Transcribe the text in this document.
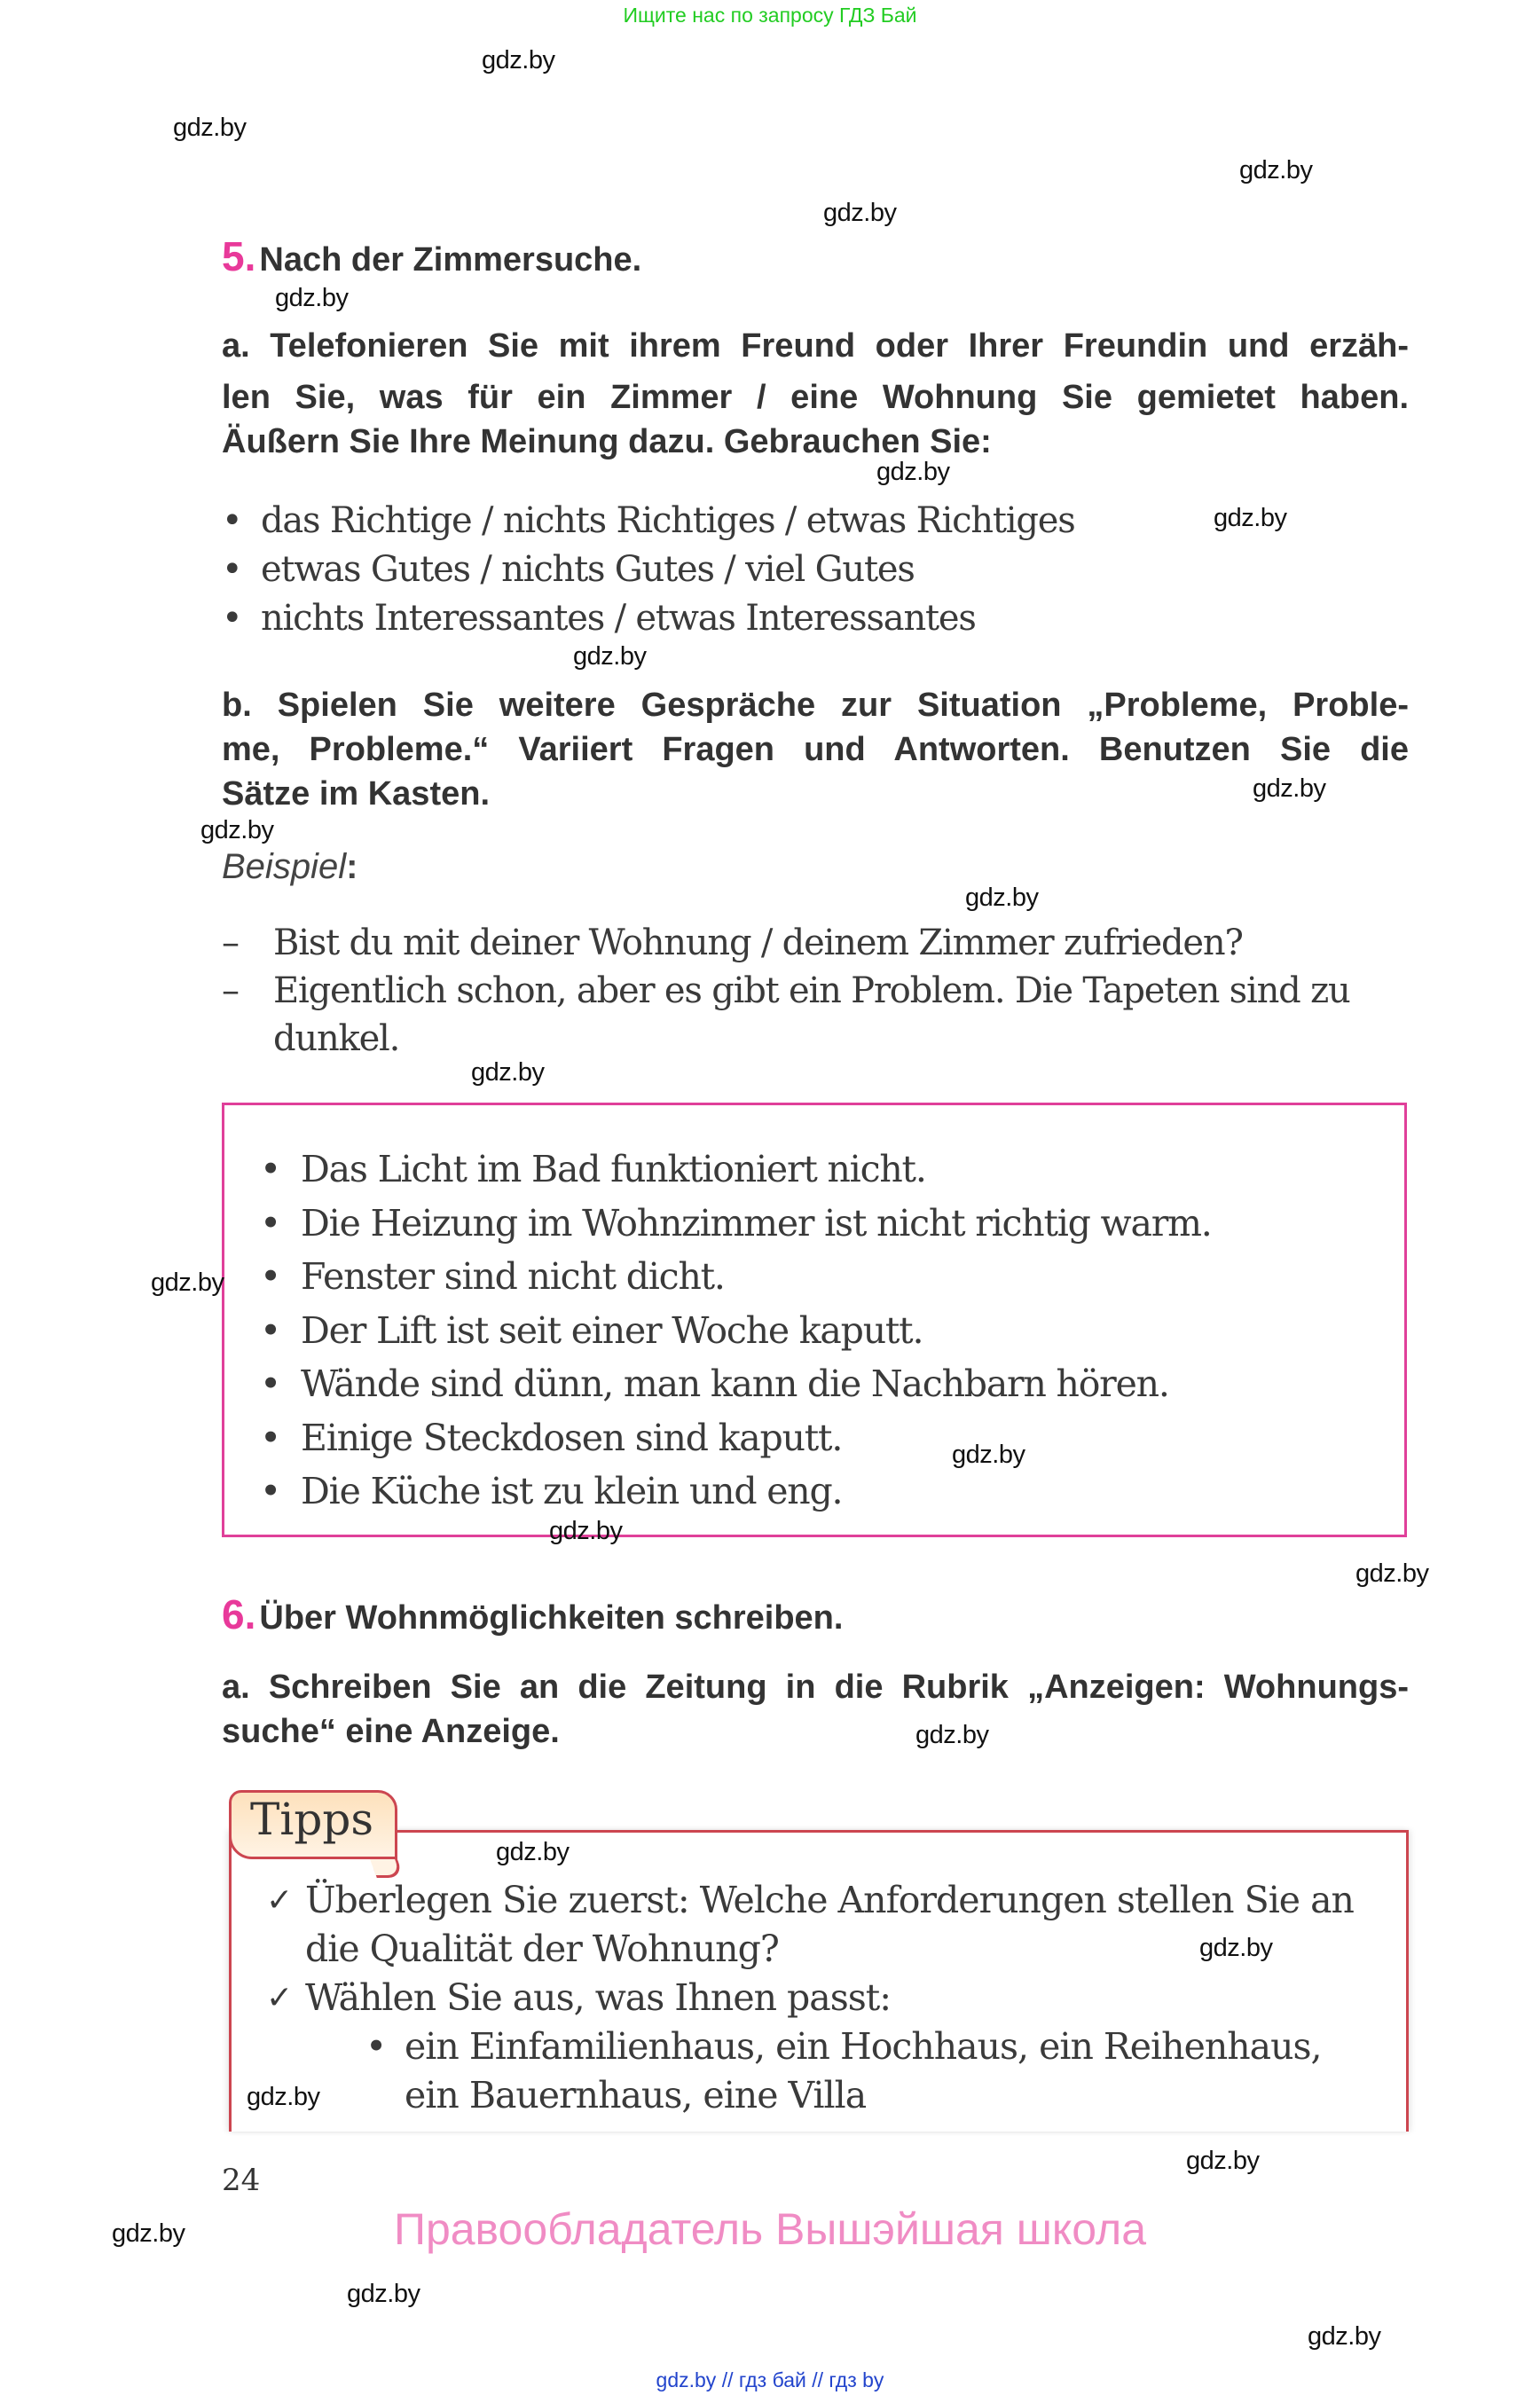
Ищите нас по запросу ГДЗ Бай
5. Nach der Zimmersuche.
a. Telefonieren Sie mit ihrem Freund oder Ihrer Freundin und erzäh-
len Sie, was für ein Zimmer / eine Wohnung Sie gemietet haben.
Äußern Sie Ihre Meinung dazu. Gebrauchen Sie:
• das Richtige / nichts Richtiges / etwas Richtiges
• etwas Gutes / nichts Gutes / viel Gutes
• nichts Interessantes / etwas Interessantes
b. Spielen Sie weitere Gespräche zur Situation „Probleme, Proble-
me, Probleme.“ Variiert Fragen und Antworten. Benutzen Sie die
Sätze im Kasten.
Beispiel:
– Bist du mit deiner Wohnung / deinem Zimmer zufrieden?
– Eigentlich schon, aber es gibt ein Problem. Die Tapeten sind zu dunkel.
• Das Licht im Bad funktioniert nicht.
• Die Heizung im Wohnzimmer ist nicht richtig warm.
• Fenster sind nicht dicht.
• Der Lift ist seit einer Woche kaputt.
• Wände sind dünn, man kann die Nachbarn hören.
• Einige Steckdosen sind kaputt.
• Die Küche ist zu klein und eng.
6. Über Wohnmöglichkeiten schreiben.
a. Schreiben Sie an die Zeitung in die Rubrik „Anzeigen: Wohnungs-
suche“ eine Anzeige.
Tipps
✓ Überlegen Sie zuerst: Welche Anforderungen stellen Sie an die Qualität der Wohnung?
✓ Wählen Sie aus, was Ihnen passt:
• ein Einfamilienhaus, ein Hochhaus, ein Reihenhaus, ein Bauernhaus, eine Villa
24
Правообладатель Вышэйшая школа
gdz.by // гдз бай // гдз by
gdz.by
gdz.by
gdz.by
gdz.by
gdz.by
gdz.by
gdz.by
gdz.by
gdz.by
gdz.by
gdz.by
gdz.by
gdz.by
gdz.by
gdz.by
gdz.by
gdz.by
gdz.by
gdz.by
gdz.by
gdz.by
gdz.by
gdz.by
gdz.by
